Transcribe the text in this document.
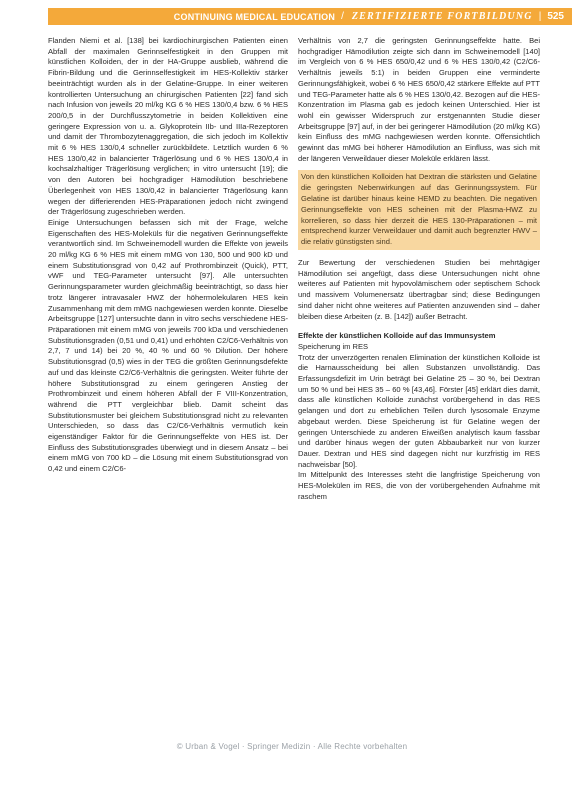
CONTINUING MEDICAL EDUCATION / ZERTIFIZIERTE FORTBILDUNG | 525

Flanden Niemi et al. [138] bei kardiochirurgischen Patienten einen Abfall der maximalen Gerinnselfestigkeit in den Gruppen mit künstlichen Kolloiden, der in der HA-Gruppe ausblieb, während die Fibrin-Bildung und die Gerinnselfestigkeit im HES-Kollektiv stärker beeinträchtigt wurden als in der Gelatine-Gruppe. In einer weiteren kontrollierten Untersuchung an chirurgischen Patienten [22] fand sich nach Infusion von jeweils 20 ml/kg KG 6 % HES 130/0,4 bzw. 6 % HES 200/0,5 in der Durchflusszytometrie in beiden Kollektiven eine geringere Expression von u. a. Glykoprotein IIb- und IIIa-Rezeptoren und damit der Thrombozytenaggregation, die sich jedoch im Kollektiv mit 6 % HES 130/0,4 schneller zurückbildete. Letztlich wurden 6 % HES 130/0,42 in balancierter Trägerlösung und 6 % HES 130/0,4 in kochsalzhaltiger Trägerlösung verglichen; in vitro untersucht [19]; die von den Autoren bei hochgradiger Hämodilution beschriebene Überlegenheit von HES 130/0,42 in balancierter Trägerlösung kann wegen der differierenden HES-Präparationen jedoch nicht zwingend der Trägerlösung zugeschrieben werden.

Einige Untersuchungen befassen sich mit der Frage, welche Eigenschaften des HES-Moleküls für die negativen Gerinnungseffekte verantwortlich sind. Im Schweinemodell wurden die Effekte von jeweils 20 ml/kg KG 6 % HES mit einem mMG von 130, 500 und 900 kD und einem Substitutionsgrad von 0,42 auf Prothrombinzeit (Quick), PTT, vWF und TEG-Parameter untersucht [97]. Alle untersuchten Gerinnungsparameter wurden gleichmäßig beeinträchtigt, so dass hier trotz längerer intravasaler HWZ der höhermolekularen HES kein Zusammenhang mit dem mMG nachgewiesen werden konnte. Dieselbe Arbeitsgruppe [127] untersuchte dann in vitro sechs verschiedene HES-Präparationen mit einem mMG von jeweils 700 kDa und verschiedenen Substitutionsgraden (0,51 und 0,41) und erhöhten C2/C6-Verhältnis von 2,7, 7 und 14) bei 20 %, 40 % und 60 % Dilution. Der höhere Substitutionsgrad (0,5) wies in der TEG die größten Gerinnungsdefekte auf und das kleinste C2/C6-Verhältnis die geringsten. Weiter führte der höhere Substitutionsgrad zu einem geringeren Anstieg der Prothrombinzeit und einem höheren Abfall der F VIII-Konzentration, während die PTT vergleichbar blieb. Damit scheint das Substitutionsmuster bei gleichem Substitutionsgrad nicht zu relevanten Unterschieden, so dass das C2/C6-Verhältnis vermutlich kein eigenständiger Faktor für die Gerinnungseffekte von HES ist. Der Einfluss des Substitutionsgrades überwiegt und in diesem Ansatz – bei einem mMG von 700 kD – die Lösung mit einem Substitutionsgrad von 0,42 und einem C2/C6-

Verhältnis von 2,7 die geringsten Gerinnungseffekte hatte. Bei hochgradiger Hämodilution zeigte sich dann im Schweinemodell [140] im Vergleich von 6 % HES 650/0,42 und 6 % HES 130/0,42 (C2/C6-Verhältnis jeweils 5:1) in beiden Gruppen eine verminderte Gerinnungsfähigkeit, wobei 6 % HES 650/0,42 stärkere Effekte auf PTT und TEG-Parameter hatte als 6 % HES 130/0,42. Bezogen auf die HES-Konzentration im Plasma gab es jedoch keinen Unterschied. Hier ist wohl ein gewisser Widerspruch zur erstgenannten Studie dieser Arbeitsgruppe [97] auf, in der bei geringerer Hämodilution (20 ml/kg KG) kein Einfluss des mMG nachgewiesen werden konnte. Offensichtlich gewinnt das mMG bei höherer Hämodilution an Einfluss, was sich mit der längeren Verweildauer dieser Moleküle erklären lässt.

Von den künstlichen Kolloiden hat Dextran die stärksten und Gelatine die geringsten Nebenwirkungen auf das Gerinnungssystem. Für Gelatine ist darüber hinaus keine HEMD zu beachten. Die negativen Gerinnungseffekte von HES scheinen mit der Plasma-HWZ zu korrelieren, so dass hier derzeit die HES 130-Präparationen – mit entsprechend kurzer Verweildauer und damit auch begrenzter HWV – die relativ günstigsten sind.

Zur Bewertung der verschiedenen Studien bei mehrtägiger Hämodilution sei angefügt, dass diese Untersuchungen nicht ohne weiteres auf Patienten mit hypovolämischem oder septischem Schock und massivem Volumenersatz übertragbar sind; diese Bedingungen sind daher nicht ohne weiteres auf Patienten anzuwenden sind – daher bleiben diese Arbeiten (z. B. [142]) außer Betracht.

Effekte der künstlichen Kolloide auf das Immunsystem

Speicherung im RES

Trotz der unverzögerten renalen Elimination der künstlichen Kolloide ist die Harnausscheidung bei allen Substanzen unvollständig. Das Erfassungsdefizit im Urin beträgt bei Gelatine 25 – 30 %, bei Dextran um 50 % und bei HES 35 – 60 % [43,46]. Förster [45] erklärt dies damit, dass alle künstlichen Kolloide zunächst vorübergehend in das RES gelangen und dort zu erheblichen Teilen durch lysosomale Enzyme abgebaut werden. Diese Speicherung ist für Gelatine wegen der geringen Unterschiede zu anderen Eiweißen analytisch kaum fassbar und darüber hinaus wegen der guten Abbaubarkeit nur von kurzer Dauer. Dextran und HES sind dagegen nicht nur kurzfristig im RES nachweisbar [50].

Im Mittelpunkt des Interesses steht die langfristige Speicherung von HES-Molekülen im RES, die von der vorübergehenden Aufnahme mit raschem

© Urban & Vogel · Springer Medizin · Alle Rechte vorbehalten
